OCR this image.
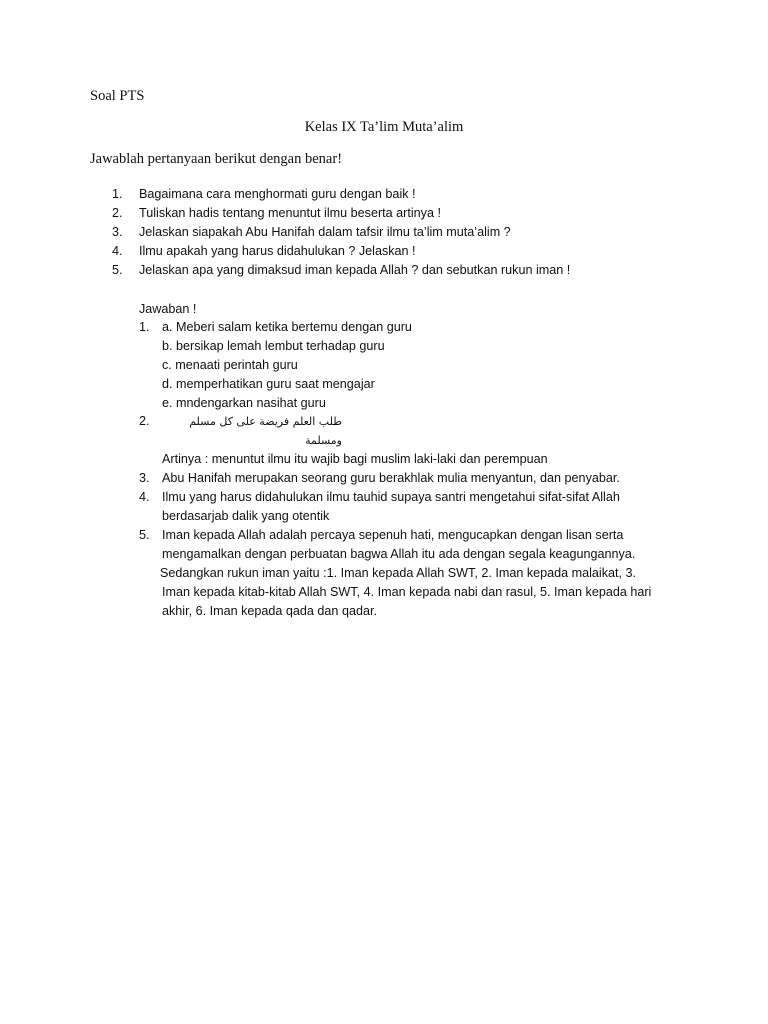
Soal PTS
Kelas IX Ta’lim Muta’alim
Jawablah pertanyaan berikut dengan benar!
1.	Bagaimana cara menghormati guru dengan baik !
2.	Tuliskan hadis tentang menuntut ilmu beserta artinya !
3.	Jelaskan siapakah Abu Hanifah dalam tafsir ilmu ta’lim muta’alim ?
4.	Ilmu apakah yang harus didahulukan ? Jelaskan !
5.	Jelaskan apa yang dimaksud iman kepada Allah ? dan sebutkan rukun iman !
Jawaban !
1. a. Meberi salam ketika bertemu dengan guru
b. bersikap lemah lembut terhadap guru
c. menaati perintah guru
d. memperhatikan guru saat mengajar
e. mndengarkan nasihat guru
2.	طلب العلم فريضة على كل مسلم ومسلمة
Artinya : menuntut ilmu itu wajib bagi muslim laki-laki dan perempuan
3. Abu Hanifah merupakan seorang guru berakhlak mulia menyantun, dan penyabar.
4. Ilmu yang harus didahulukan ilmu tauhid supaya santri mengetahui sifat-sifat Allah
berdasarjab dalik yang otentik
5. Iman kepada Allah adalah percaya sepenuh hati, mengucapkan dengan lisan serta
mengamalkan dengan perbuatan bagwa Allah itu ada dengan segala keagungannya.
Sedangkan rukun iman yaitu :1. Iman kepada Allah SWT, 2. Iman kepada malaikat, 3.
Iman kepada kitab-kitab Allah SWT, 4. Iman kepada nabi dan rasul, 5. Iman kepada hari
akhir, 6. Iman kepada qada dan qadar.
